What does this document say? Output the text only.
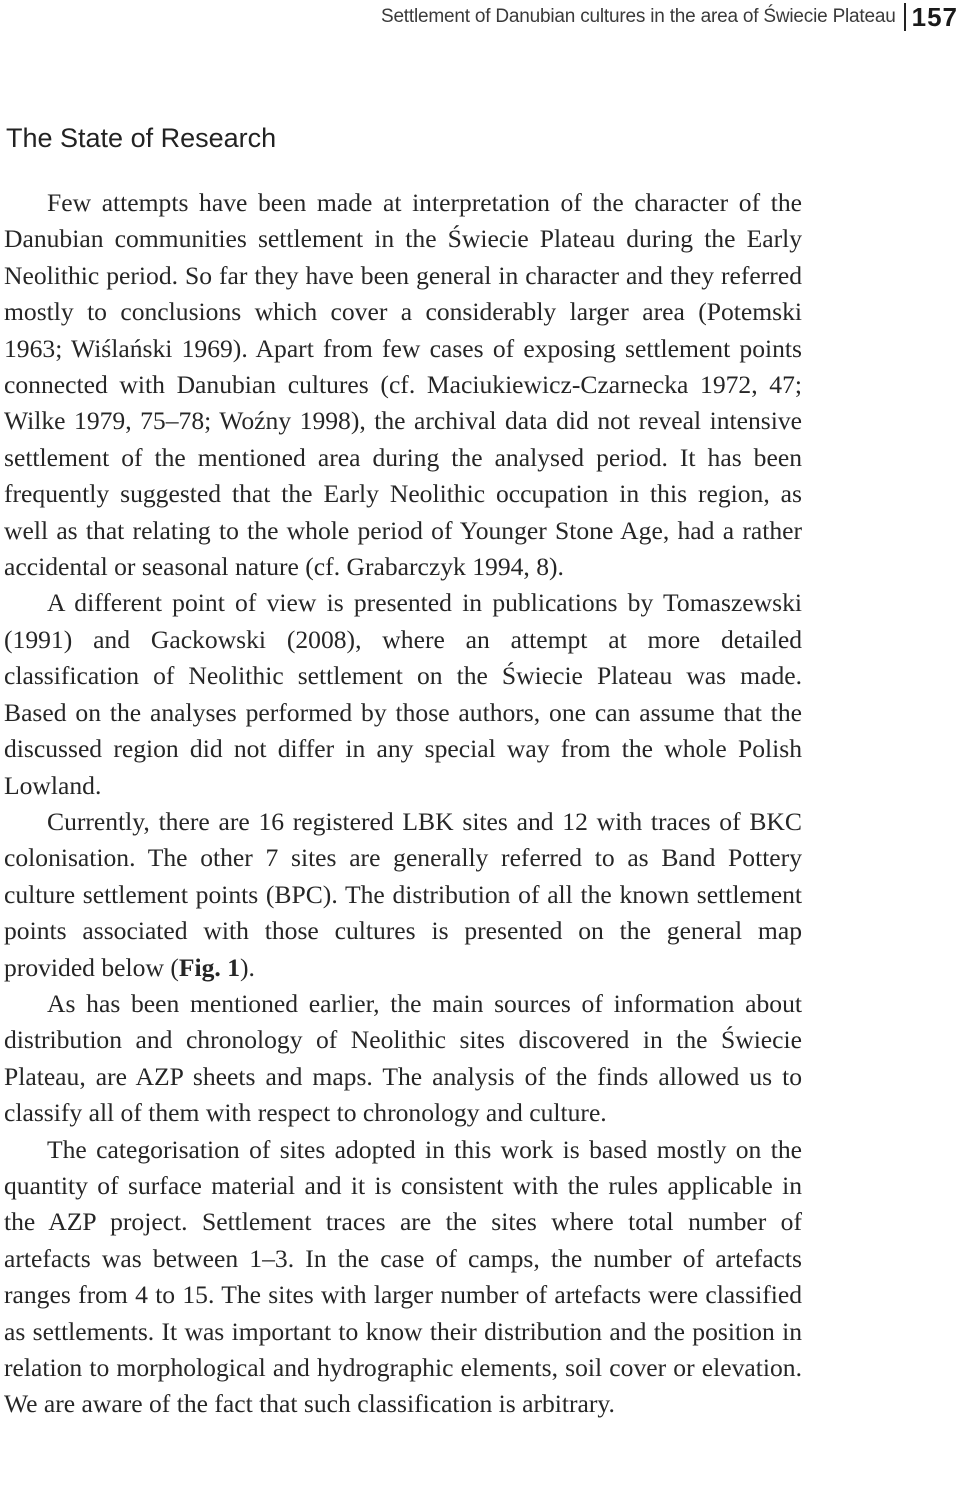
Settlement of Danubian cultures in the area of Świecie Plateau 157
The State of Research

Few attempts have been made at interpretation of the character of the Danubian communities settlement in the Świecie Plateau during the Early Neolithic period. So far they have been general in character and they referred mostly to conclusions which cover a considerably larger area (Potemski 1963; Wiślański 1969). Apart from few cases of exposing settlement points connected with Danubian cultures (cf. Maciukiewicz-Czarnecka 1972, 47; Wilke 1979, 75–78; Woźny 1998), the archival data did not reveal intensive settlement of the mentioned area during the analysed period. It has been frequently suggested that the Early Neolithic occupation in this region, as well as that relating to the whole period of Younger Stone Age, had a rather accidental or seasonal nature (cf. Grabarczyk 1994, 8).

A different point of view is presented in publications by Tomaszewski (1991) and Gackowski (2008), where an attempt at more detailed classification of Neolithic settlement on the Świecie Plateau was made. Based on the analyses performed by those authors, one can assume that the discussed region did not differ in any special way from the whole Polish Lowland.

Currently, there are 16 registered LBK sites and 12 with traces of BKC colonisation. The other 7 sites are generally referred to as Band Pottery culture settlement points (BPC). The distribution of all the known settlement points associated with those cultures is presented on the general map provided below (Fig. 1).

As has been mentioned earlier, the main sources of information about distribution and chronology of Neolithic sites discovered in the Świecie Plateau, are AZP sheets and maps. The analysis of the finds allowed us to classify all of them with respect to chronology and culture.

The categorisation of sites adopted in this work is based mostly on the quantity of surface material and it is consistent with the rules applicable in the AZP project. Settlement traces are the sites where total number of artefacts was between 1–3. In the case of camps, the number of artefacts ranges from 4 to 15. The sites with larger number of artefacts were classified as settlements. It was important to know their distribution and the position in relation to morphological and hydrographic elements, soil cover or elevation. We are aware of the fact that such classification is arbitrary.
